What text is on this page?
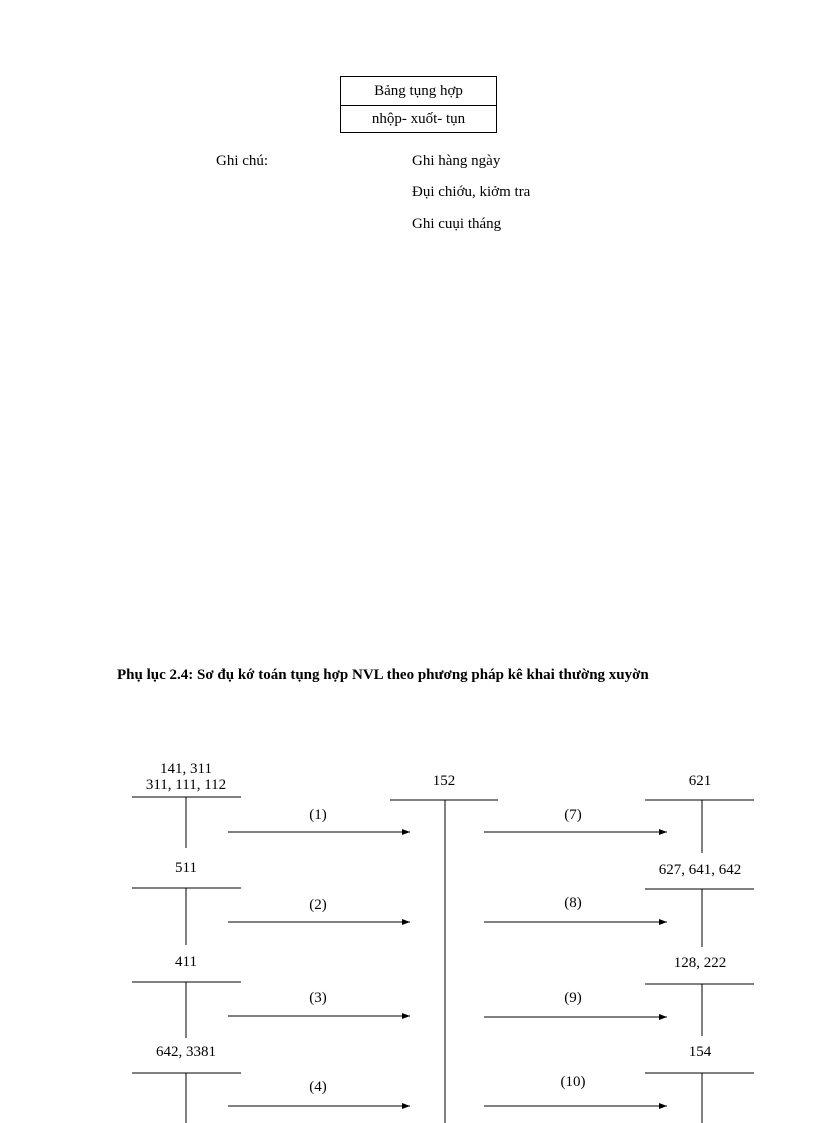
Bảng tụng hợp
nhộp- xuốt- tụn
Ghi chú:	Ghi hàng ngày
Đụi chiớu, kiởm tra
Ghi cuụi tháng
Phụ lục 2.4: Sơ đụ kớ toán tụng hợp NVL theo phương pháp kê khai thường xuyờn
141, 311
311, 111, 112
511
411
642, 3381
152	621
627, 641, 642
128, 222
154
(1)
(2)
(3)
(4)
(7)
(8)
(9)
(10)
